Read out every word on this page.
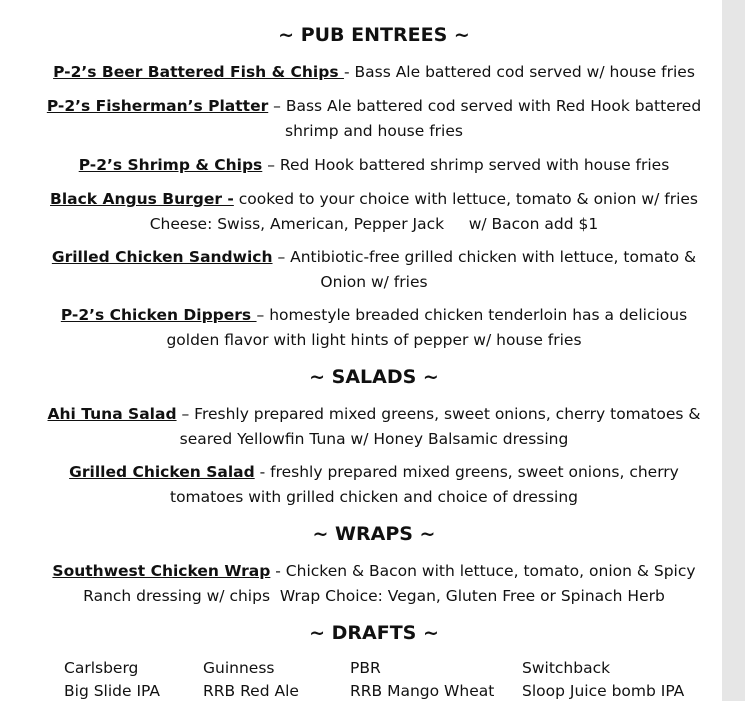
~ PUB ENTREES ~
P-2’s Beer Battered Fish & Chips - Bass Ale battered cod served w/ house fries
P-2’s Fisherman’s Platter – Bass Ale battered cod served with Red Hook battered
shrimp and house fries
P-2’s Shrimp & Chips – Red Hook battered shrimp served with house fries
Black Angus Burger - cooked to your choice with lettuce, tomato & onion w/ fries
Cheese: Swiss, American, Pepper Jack     w/ Bacon add $1
Grilled Chicken Sandwich – Antibiotic-free grilled chicken with lettuce, tomato &
Onion w/ fries
P-2’s Chicken Dippers – homestyle breaded chicken tenderloin has a delicious
golden flavor with light hints of pepper w/ house fries
~ SALADS ~
Ahi Tuna Salad – Freshly prepared mixed greens, sweet onions, cherry tomatoes &
seared Yellowfin Tuna w/ Honey Balsamic dressing
Grilled Chicken Salad - freshly prepared mixed greens, sweet onions, cherry
tomatoes with grilled chicken and choice of dressing
~ WRAPS ~
Southwest Chicken Wrap - Chicken & Bacon with lettuce, tomato, onion & Spicy
Ranch dressing w/ chips  Wrap Choice: Vegan, Gluten Free or Spinach Herb
~ DRAFTS ~
Carlsberg	Guinness	PBR	Switchback
Big Slide IPA	RRB Red Ale	RRB Mango Wheat	Sloop Juice bomb IPA
